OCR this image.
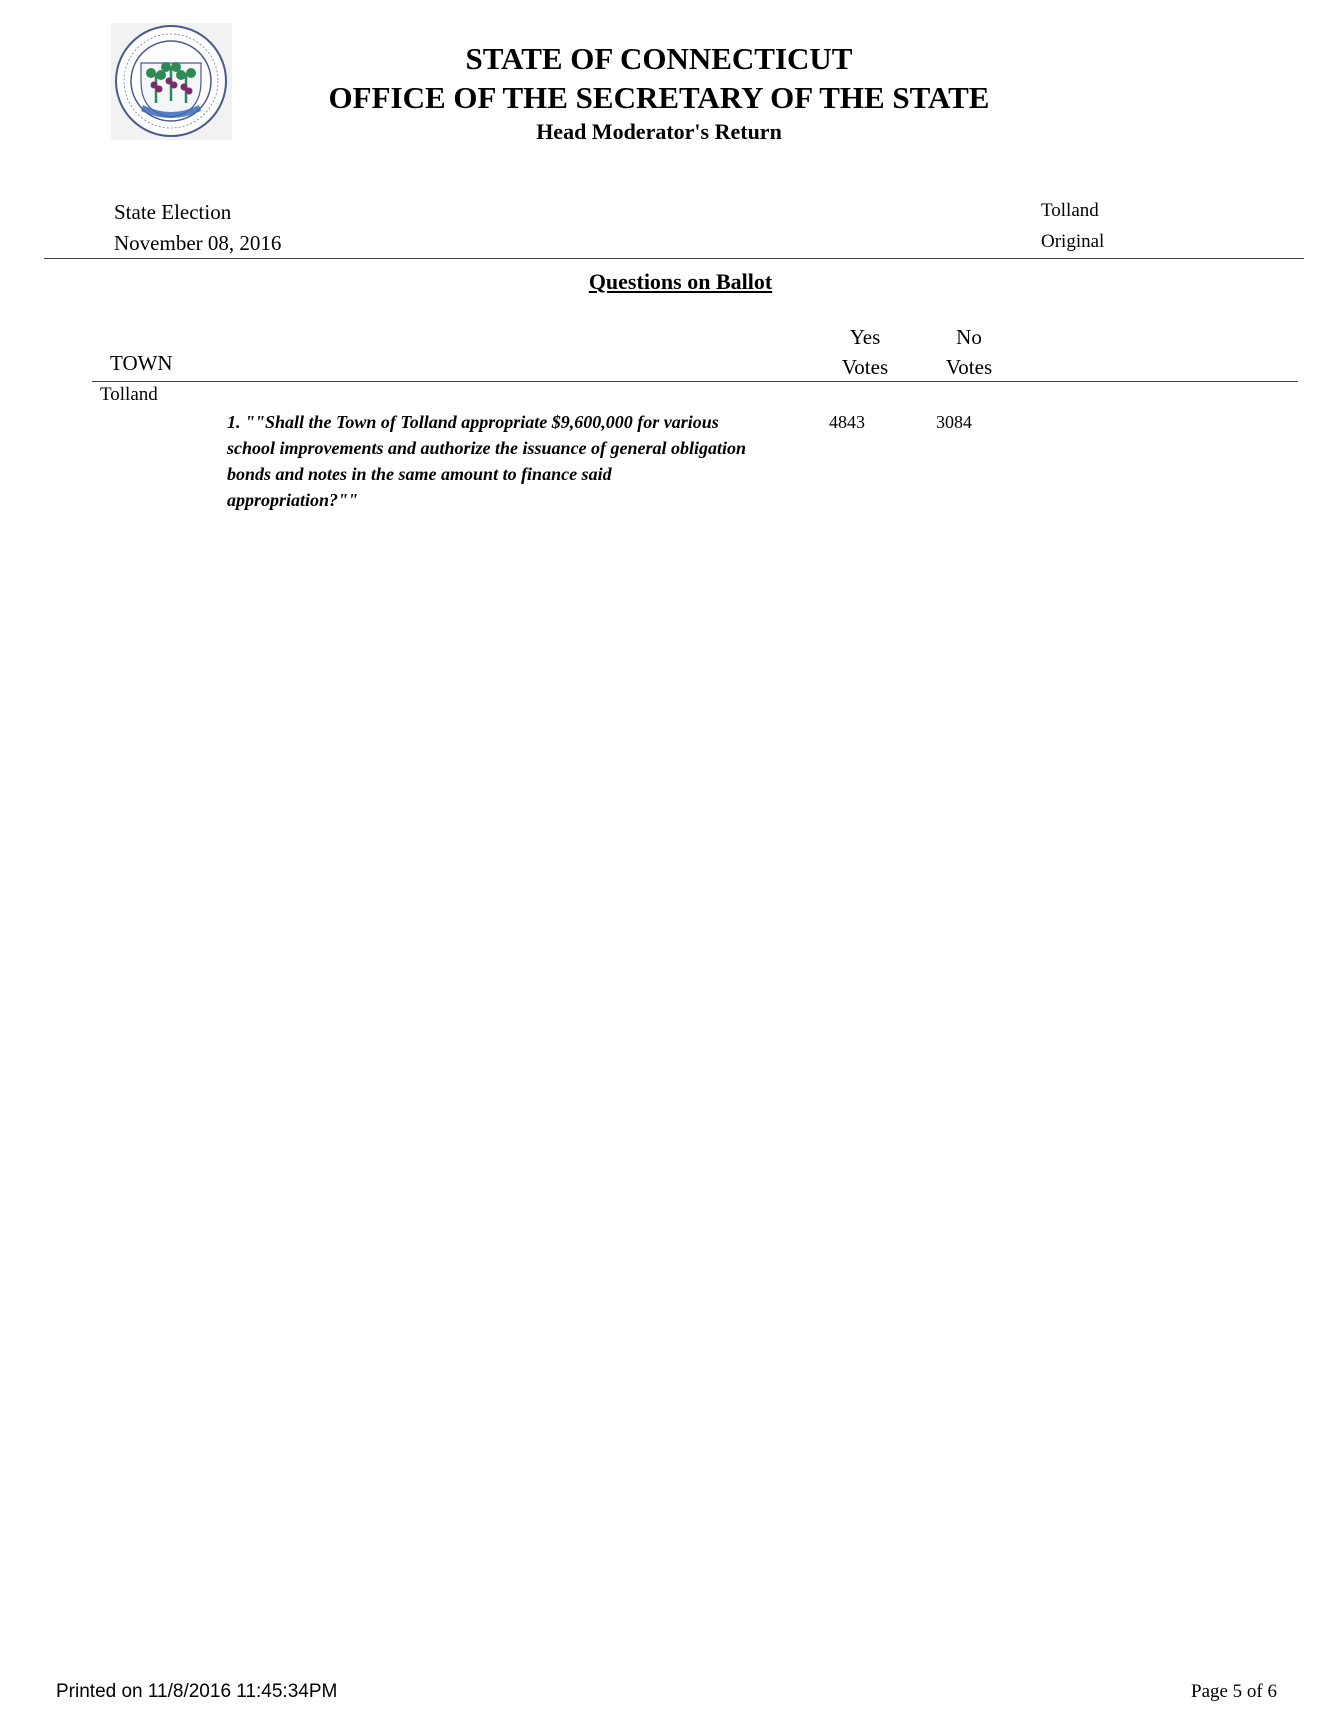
STATE OF CONNECTICUT
OFFICE OF THE SECRETARY OF THE STATE
Head Moderator's Return
State Election
November 08, 2016
Tolland
Original
Questions on Ballot
TOWN
Yes
Votes
No
Votes
Tolland
1. ""Shall the Town of Tolland appropriate $9,600,000 for various school improvements and authorize the issuance of general obligation bonds and notes in the same amount to finance said appropriation?""
4843	3084
Printed on 11/8/2016 11:45:34PM	Page 5 of 6
